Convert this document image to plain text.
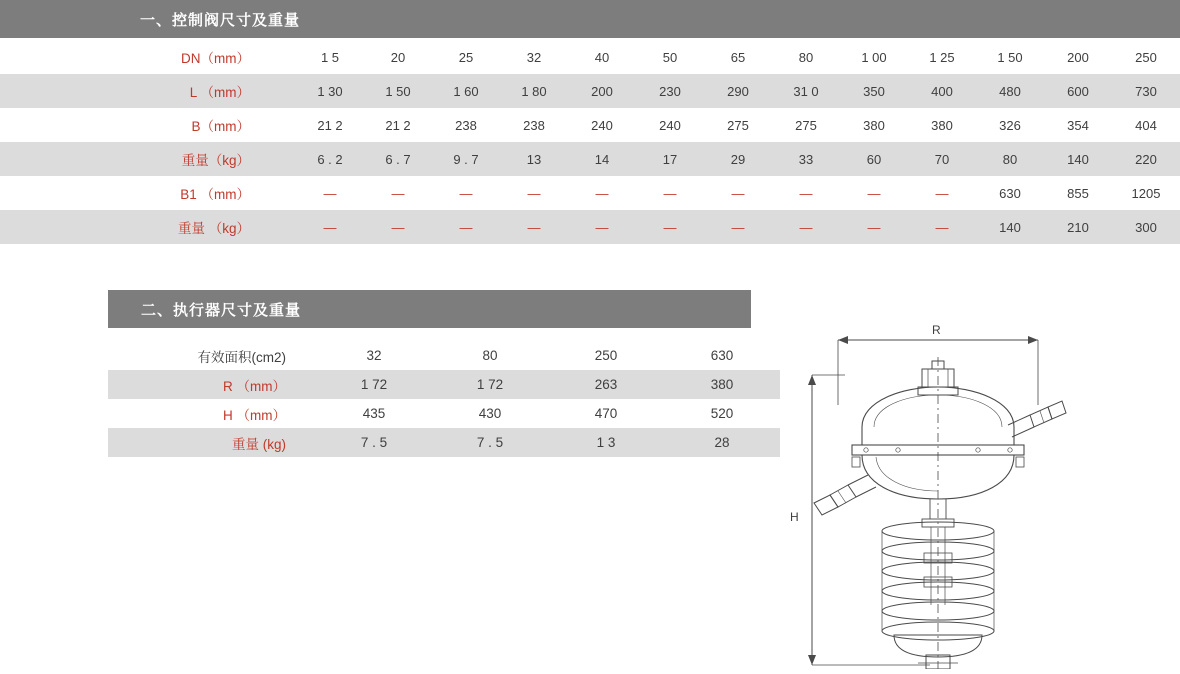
一、控制阀尺寸及重量
DN（mm）	1 5	20	25	32	40	50	65	80	1 00	1 25	1 50	200	250
L （mm）	1 30	1 50	1 60	1 80	200	230	290	31 0	350	400	480	600	730
B（mm）	21 2	21 2	238	238	240	240	275	275	380	380	326	354	404
重量（kg）	6 . 2	6 . 7	9 . 7	13	14	17	29	33	60	70	80	140	220
B1 （mm）	—	—	—	—	—	—	—	—	—	—	630	855	1205
重量 （kg）	—	—	—	—	—	—	—	—	—	—	140	210	300
二、执行器尺寸及重量
有效面积(cm2)	32	80	250	630
R （mm）	1 72	1 72	263	380
H （mm）	435	430	470	520
重量 (kg)	7 . 5	7 . 5	1 3	28
R
H
